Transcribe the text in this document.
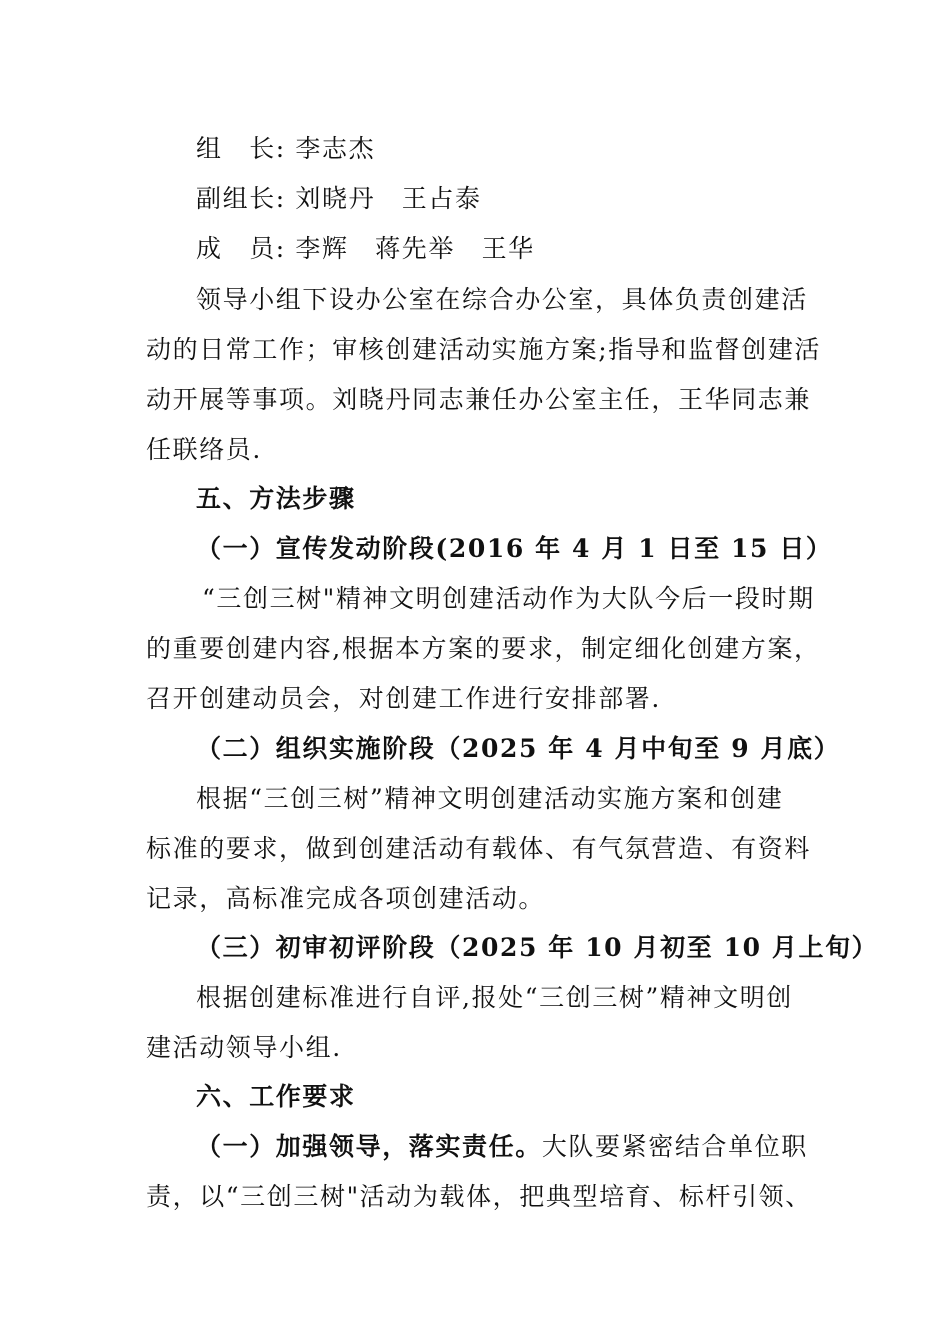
组　长: 李志杰
副组长: 刘晓丹　王占泰
成　员: 李辉　蒋先举　王华
领导小组下设办公室在综合办公室，具体负责创建活
动的日常工作；审核创建活动实施方案;指导和监督创建活
动开展等事项。刘晓丹同志兼任办公室主任，王华同志兼
任联络员.
五、方法步骤
（一）宣传发动阶段(2016 年 4 月 1 日至 15 日）
“三创三树"精神文明创建活动作为大队今后一段时期
的重要创建内容,根据本方案的要求，制定细化创建方案，
召开创建动员会，对创建工作进行安排部署.
（二）组织实施阶段（2025 年 4 月中旬至 9 月底）
根据“三创三树”精神文明创建活动实施方案和创建
标准的要求，做到创建活动有载体、有气氛营造、有资料
记录，高标准完成各项创建活动。
（三）初审初评阶段（2025 年 10 月初至 10 月上旬）
根据创建标准进行自评,报处“三创三树”精神文明创
建活动领导小组.
六、工作要求
（一）加强领导，落实责任。大队要紧密结合单位职
责，以“三创三树"活动为载体，把典型培育、标杆引领、
